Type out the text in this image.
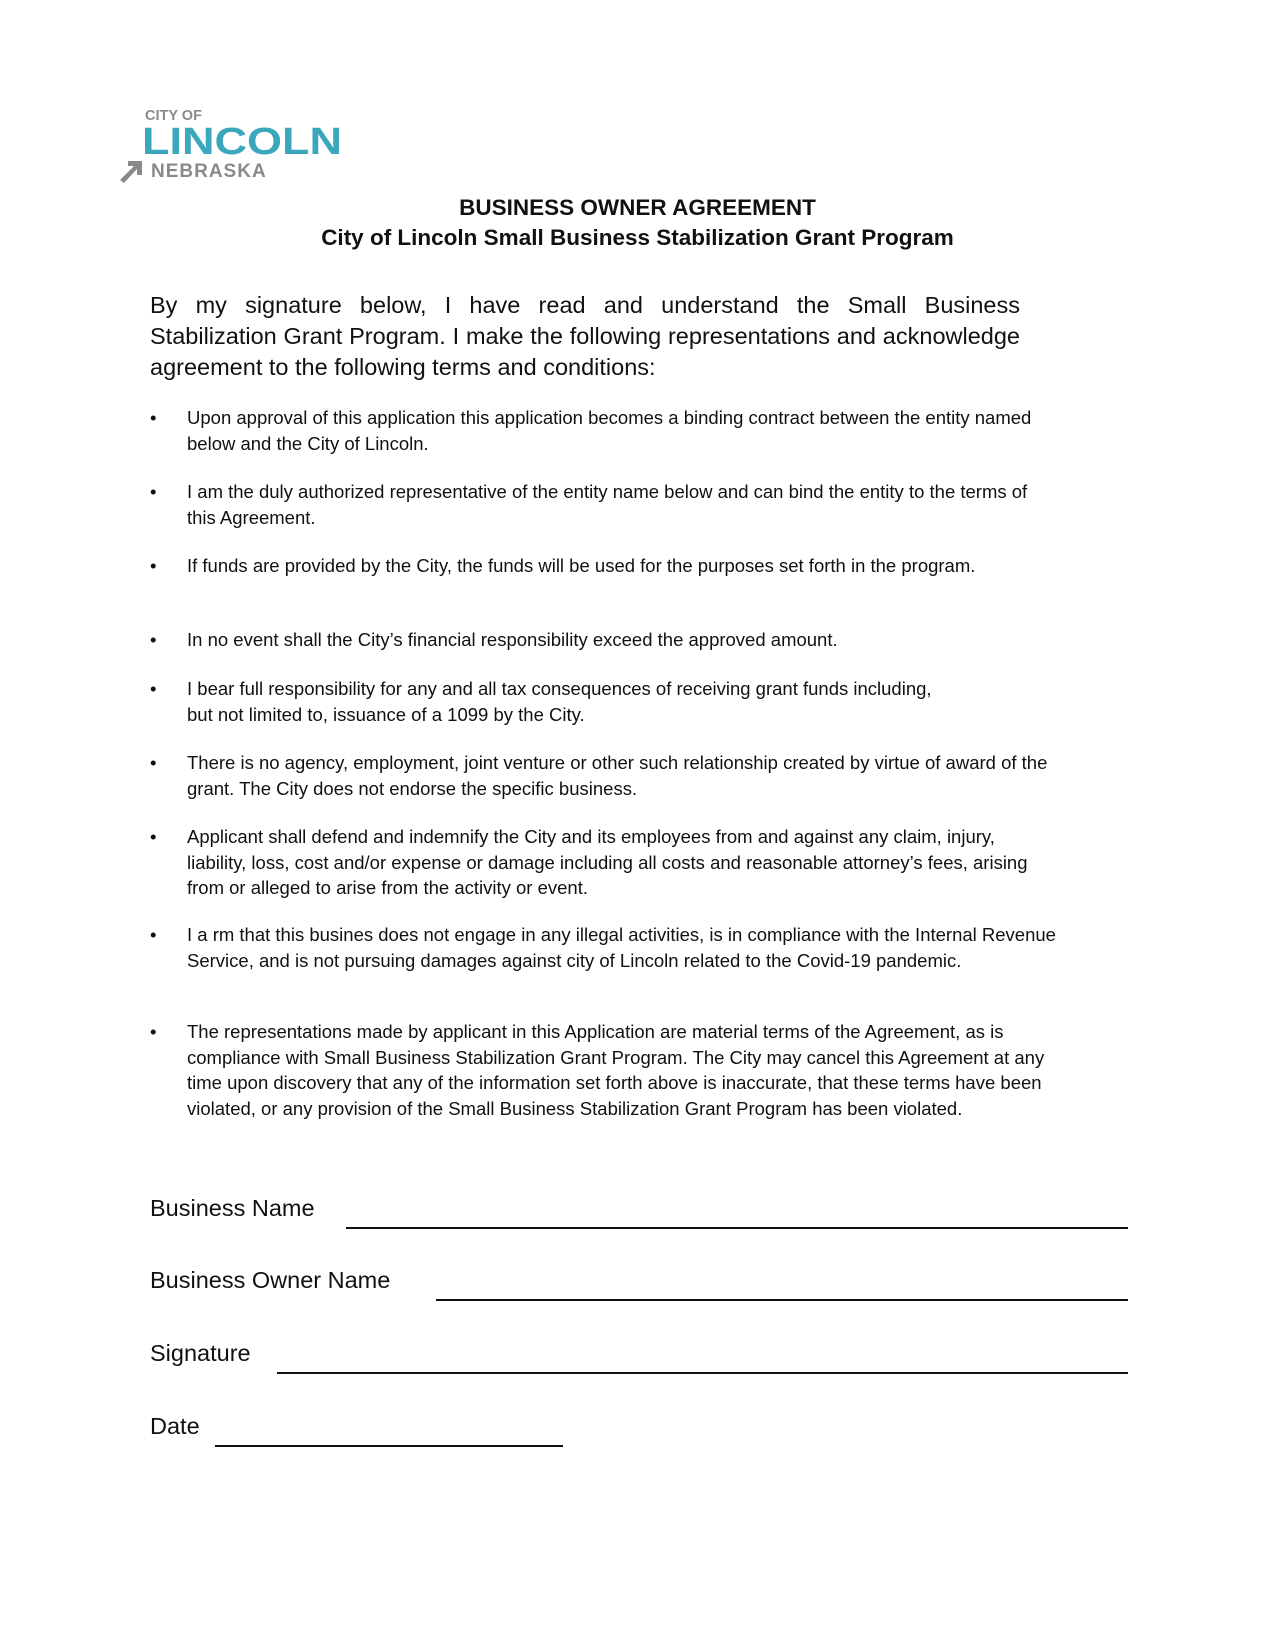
CITY OF
LINCOLN
NEBRASKA
BUSINESS OWNER AGREEMENT
City of Lincoln Small Business Stabilization Grant Program
By my signature below, I have read and understand the Small Business Stabilization Grant Program. I make the following representations and acknowledge agreement to the following terms and conditions:
•	Upon approval of this application this application becomes a binding contract between the entity named below and the City of Lincoln.
•	I am the duly authorized representative of the entity name below and can bind the entity to the terms of this Agreement.
•	If funds are provided by the City, the funds will be used for the purposes set forth in the program.
•	In no event shall the City’s financial responsibility exceed the approved amount.
•	I bear full responsibility for any and all tax consequences of receiving grant funds including, but not limited to, issuance of a 1099 by the City.
•	There is no agency, employment, joint venture or other such relationship created by virtue of award of the grant. The City does not endorse the specific business.
•	Applicant shall defend and indemnify the City and its employees from and against any claim, injury, liability, loss, cost and/or expense or damage including all costs and reasonable attorney’s fees, arising from or alleged to arise from the activity or event.
•	I a rm that this busines does not engage in any illegal activities, is in compliance with the Internal Revenue Service, and is not pursuing damages against city of Lincoln related to the Covid-19 pandemic.
•	The representations made by applicant in this Application are material terms of the Agreement, as is compliance with Small Business Stabilization Grant Program. The City may cancel this Agreement at any time upon discovery that any of the information set forth above is inaccurate, that these terms have been violated, or any provision of the Small Business Stabilization Grant Program has been violated.
Business Name
Business Owner Name
Signature
Date
